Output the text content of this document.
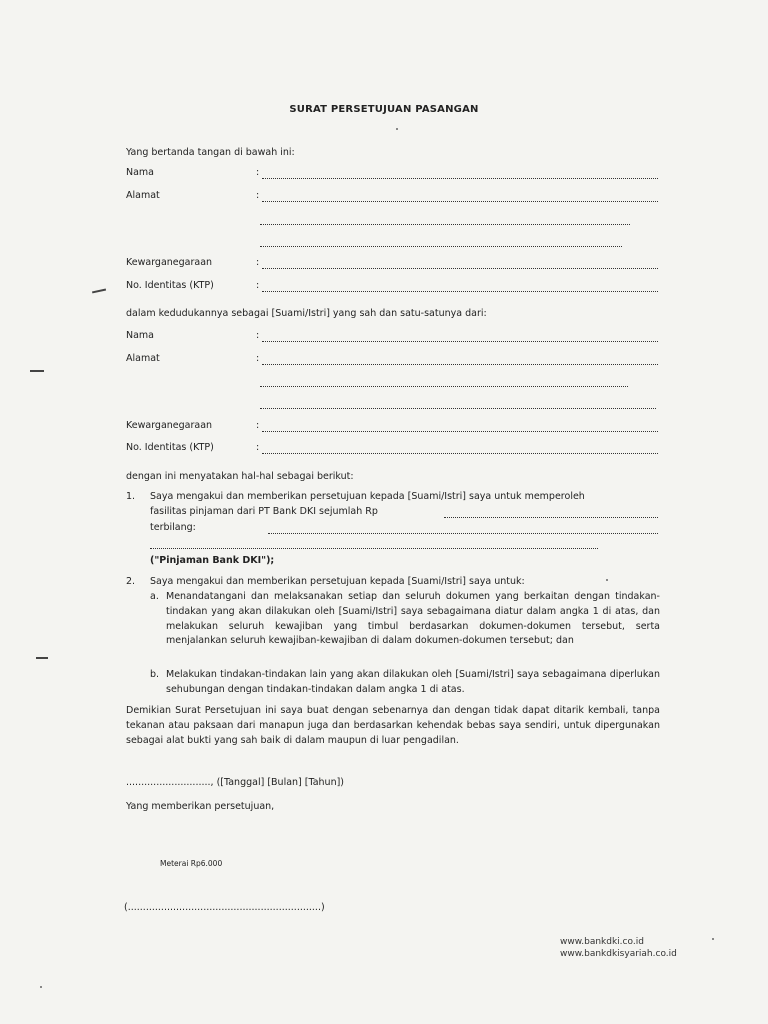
SURAT PERSETUJUAN PASANGAN
Yang bertanda tangan di bawah ini:
Nama	:
Alamat	:
Kewarganegaraan	:
No. Identitas (KTP)	:
dalam kedudukannya sebagai [Suami/Istri] yang sah dan satu-satunya dari:
Nama	:
Alamat	:
Kewarganegaraan	:
No. Identitas (KTP)	:
dengan ini menyatakan hal-hal sebagai berikut:
1. Saya mengakui dan memberikan persetujuan kepada [Suami/Istri] saya untuk memperoleh
fasilitas pinjaman dari PT Bank DKI sejumlah Rp
terbilang:
("Pinjaman Bank DKI");
2. Saya mengakui dan memberikan persetujuan kepada [Suami/Istri] saya untuk:
a. Menandatangani dan melaksanakan setiap dan seluruh dokumen yang berkaitan dengan tindakan-tindakan yang akan dilakukan oleh [Suami/Istri] saya sebagaimana diatur dalam angka 1 di atas, dan melakukan seluruh kewajiban yang timbul berdasarkan dokumen-dokumen tersebut, serta menjalankan seluruh kewajiban-kewajiban di dalam dokumen-dokumen tersebut; dan
b. Melakukan tindakan-tindakan lain yang akan dilakukan oleh [Suami/Istri] saya sebagaimana diperlukan sehubungan dengan tindakan-tindakan dalam angka 1 di atas.
Demikian Surat Persetujuan ini saya buat dengan sebenarnya dan dengan tidak dapat ditarik kembali, tanpa tekanan atau paksaan dari manapun juga dan berdasarkan kehendak bebas saya sendiri, untuk dipergunakan sebagai alat bukti yang sah baik di dalam maupun di luar pengadilan.
............................, ([Tanggal] [Bulan] [Tahun])
Yang memberikan persetujuan,
Meterai Rp6.000
(................................................................)
www.bankdki.co.id
www.bankdkisyariah.co.id
